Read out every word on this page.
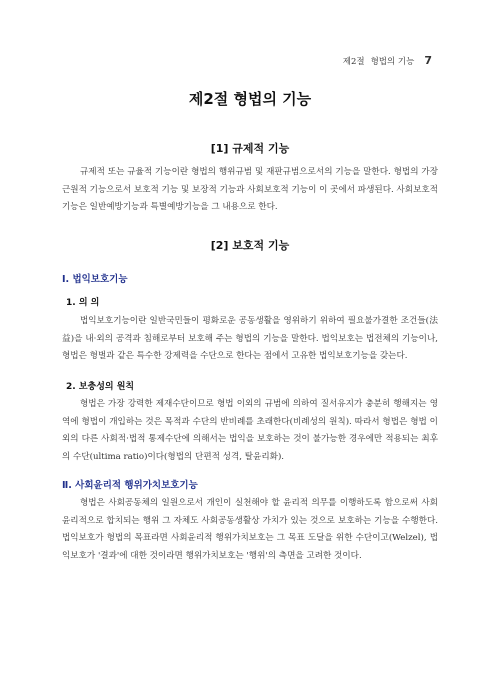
제2절 형법의 기능 7
제2절 형법의 기능
[1] 규제적 기능

규제적 또는 규율적 기능이란 형법의 행위규범 및 재판규범으로서의 기능을 말한다. 형법의 가장 근원적 기능으로서 보호적 기능 및 보장적 기능과 사회보호적 기능이 이 곳에서 파생된다. 사회보호적 기능은 일반예방기능과 특별예방기능을 그 내용으로 한다.

[2] 보호적 기능
Ⅰ. 법익보호기능
1. 의 의

법익보호기능이란 일반국민들이 평화로운 공동생활을 영위하기 위하여 필요불가결한 조건들(法益)을 내·외의 공격과 침해로부터 보호해 주는 형법의 기능을 말한다. 법익보호는 법전체의 기능이나, 형법은 형벌과 같은 특수한 강제력을 수단으로 한다는 점에서 고유한 법익보호기능을 갖는다.

2. 보충성의 원칙

형법은 가장 강력한 제재수단이므로 형법 이외의 규범에 의하여 질서유지가 충분히 행해지는 영역에 형법이 개입하는 것은 목적과 수단의 반비례를 초래한다(비례성의 원칙). 따라서 형법은 형법 이외의 다른 사회적·법적 통제수단에 의해서는 법익을 보호하는 것이 불가능한 경우에만 적용되는 최후의 수단(ultima ratio)이다(형법의 단편적 성격, 탈윤리화).

Ⅱ. 사회윤리적 행위가치보호기능

형법은 사회공동체의 일원으로서 개인이 실천해야 할 윤리적 의무를 이행하도록 함으로써 사회윤리적으로 합치되는 행위 그 자체도 사회공동생활상 가치가 있는 것으로 보호하는 기능을 수행한다. 법익보호가 형법의 목표라면 사회윤리적 행위가치보호는 그 목표 도달을 위한 수단이고(Welzel), 법익보호가 '결과'에 대한 것이라면 행위가치보호는 '행위'의 측면을 고려한 것이다.
